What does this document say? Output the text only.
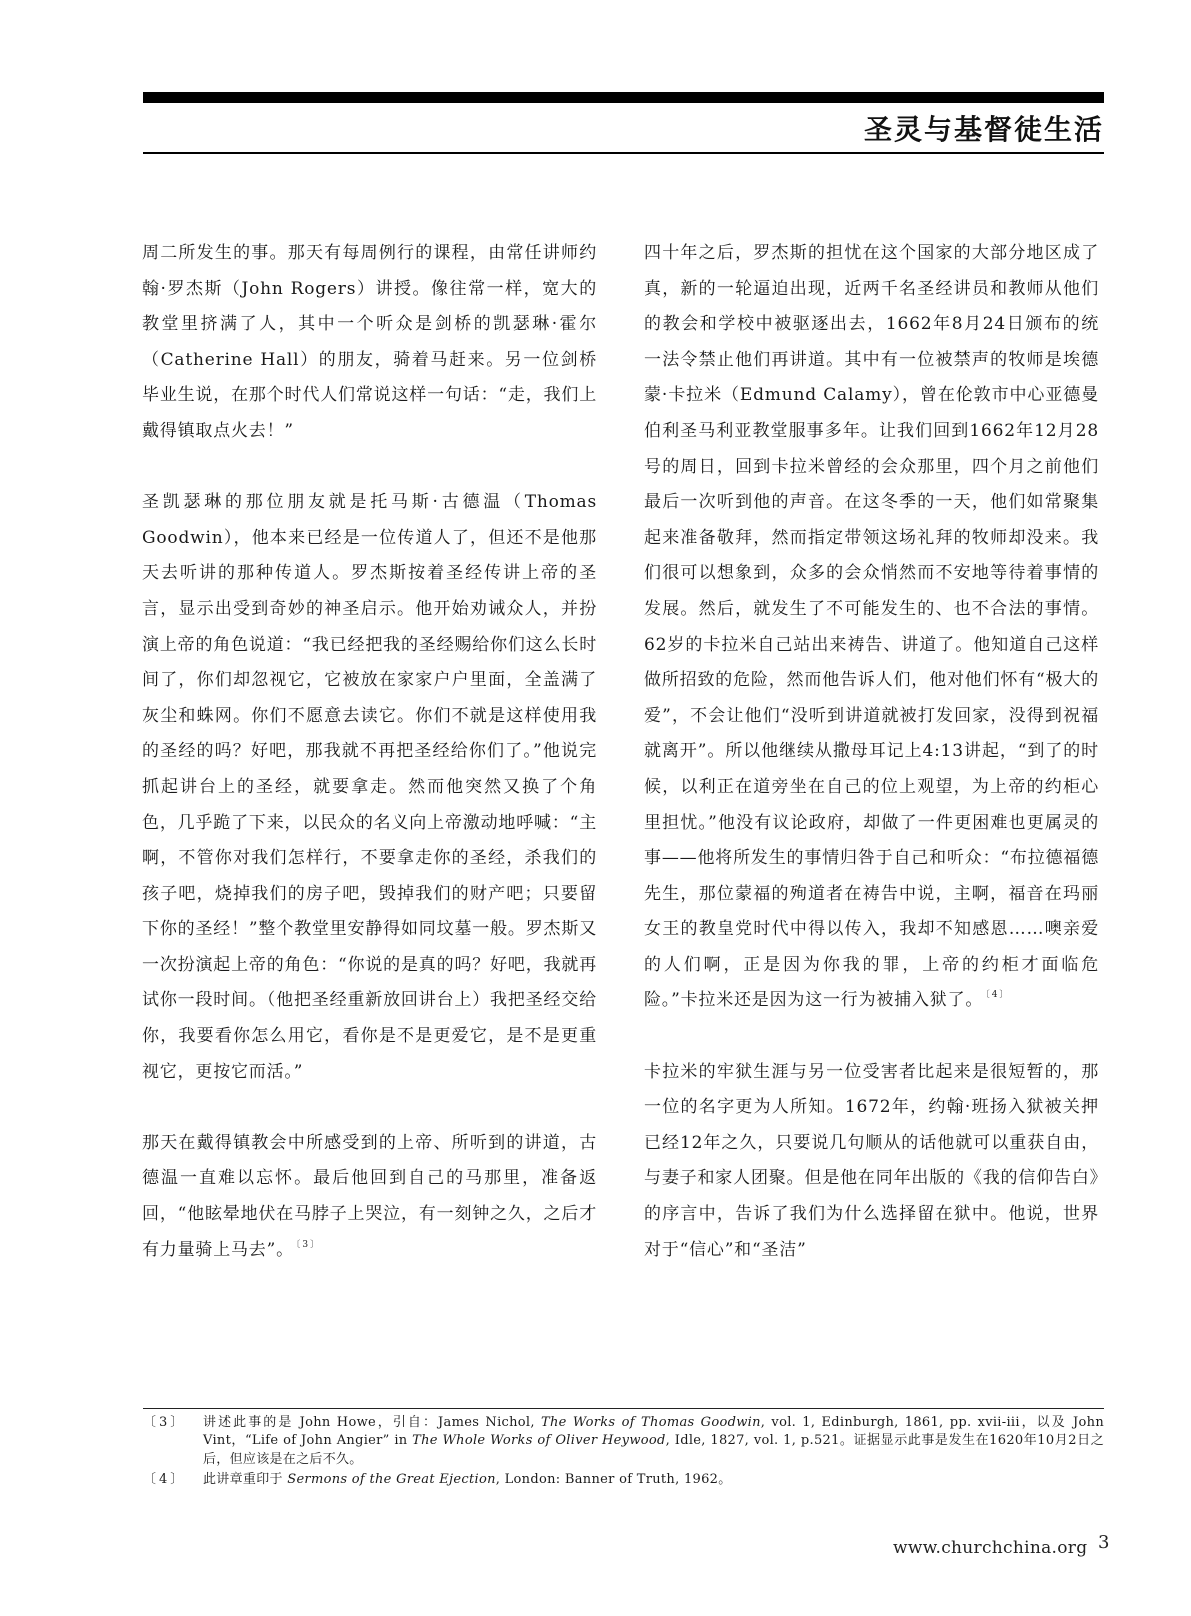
圣灵与基督徒生活

周二所发生的事。那天有每周例行的课程，由常任讲师约翰·罗杰斯（John Rogers）讲授。像往常一样，宽大的教堂里挤满了人，其中一个听众是剑桥的凯瑟琳·霍尔（Catherine Hall）的朋友，骑着马赶来。另一位剑桥毕业生说，在那个时代人们常说这样一句话：“走，我们上戴得镇取点火去！”

圣凯瑟琳的那位朋友就是托马斯·古德温（Thomas Goodwin），他本来已经是一位传道人了，但还不是他那天去听讲的那种传道人。罗杰斯按着圣经传讲上帝的圣言，显示出受到奇妙的神圣启示。他开始劝诫众人，并扮演上帝的角色说道：“我已经把我的圣经赐给你们这么长时间了，你们却忽视它，它被放在家家户户里面，全盖满了灰尘和蛛网。你们不愿意去读它。你们不就是这样使用我的圣经的吗？好吧，那我就不再把圣经给你们了。”他说完抓起讲台上的圣经，就要拿走。然而他突然又换了个角色，几乎跪了下来，以民众的名义向上帝激动地呼喊：“主啊，不管你对我们怎样行，不要拿走你的圣经，杀我们的孩子吧，烧掉我们的房子吧，毁掉我们的财产吧；只要留下你的圣经！”整个教堂里安静得如同坟墓一般。罗杰斯又一次扮演起上帝的角色：“你说的是真的吗？好吧，我就再试你一段时间。（他把圣经重新放回讲台上）我把圣经交给你，我要看你怎么用它，看你是不是更爱它，是不是更重视它，更按它而活。”

那天在戴得镇教会中所感受到的上帝、所听到的讲道，古德温一直难以忘怀。最后他回到自己的马那里，准备返回，“他眩晕地伏在马脖子上哭泣，有一刻钟之久，之后才有力量骑上马去”。 $^{〔3〕}$

四十年之后，罗杰斯的担忧在这个国家的大部分地区成了真，新的一轮逼迫出现，近两千名圣经讲员和教师从他们的教会和学校中被驱逐出去，1662年8月24日颁布的统一法令禁止他们再讲道。其中有一位被禁声的牧师是埃德蒙·卡拉米（Edmund Calamy），曾在伦敦市中心亚德曼伯利圣马利亚教堂服事多年。让我们回到1662年12月28号的周日，回到卡拉米曾经的会众那里，四个月之前他们最后一次听到他的声音。在这冬季的一天，他们如常聚集起来准备敬拜，然而指定带领这场礼拜的牧师却没来。我们很可以想象到，众多的会众悄然而不安地等待着事情的发展。然后，就发生了不可能发生的、也不合法的事情。62岁的卡拉米自己站出来祷告、讲道了。他知道自己这样做所招致的危险，然而他告诉人们，他对他们怀有“极大的爱”，不会让他们“没听到讲道就被打发回家，没得到祝福就离开”。所以他继续从撒母耳记上4:13讲起，“到了的时候，以利正在道旁坐在自己的位上观望，为上帝的约柜心里担忧。”他没有议论政府，却做了一件更困难也更属灵的事——他将所发生的事情归咎于自己和听众：“布拉德福德先生，那位蒙福的殉道者在祷告中说，主啊，福音在玛丽女王的教皇党时代中得以传入，我却不知感恩……噢亲爱的人们啊，正是因为你我的罪，上帝的约柜才面临危险。”卡拉米还是因为这一行为被捕入狱了。 $^{〔4〕}$

卡拉米的牢狱生涯与另一位受害者比起来是很短暂的，那一位的名字更为人所知。1672年，约翰·班扬入狱被关押已经12年之久，只要说几句顺从的话他就可以重获自由，与妻子和家人团聚。但是他在同年出版的《我的信仰告白》的序言中，告诉了我们为什么选择留在狱中。他说，世界对于“信心”和“圣洁”

〔3〕	讲述此事的是 John Howe，引自：James Nichol, The Works of Thomas Goodwin, vol. 1, Edinburgh, 1861, pp. xvii-iii，以及 John Vint，“Life of John Angier” in The Whole Works of Oliver Heywood, Idle, 1827, vol. 1, p.521。证据显示此事是发生在1620年10月2日之后，但应该是在之后不久。
〔4〕	此讲章重印于 Sermons of the Great Ejection, London: Banner of Truth, 1962。
www.churchchina.org 3
